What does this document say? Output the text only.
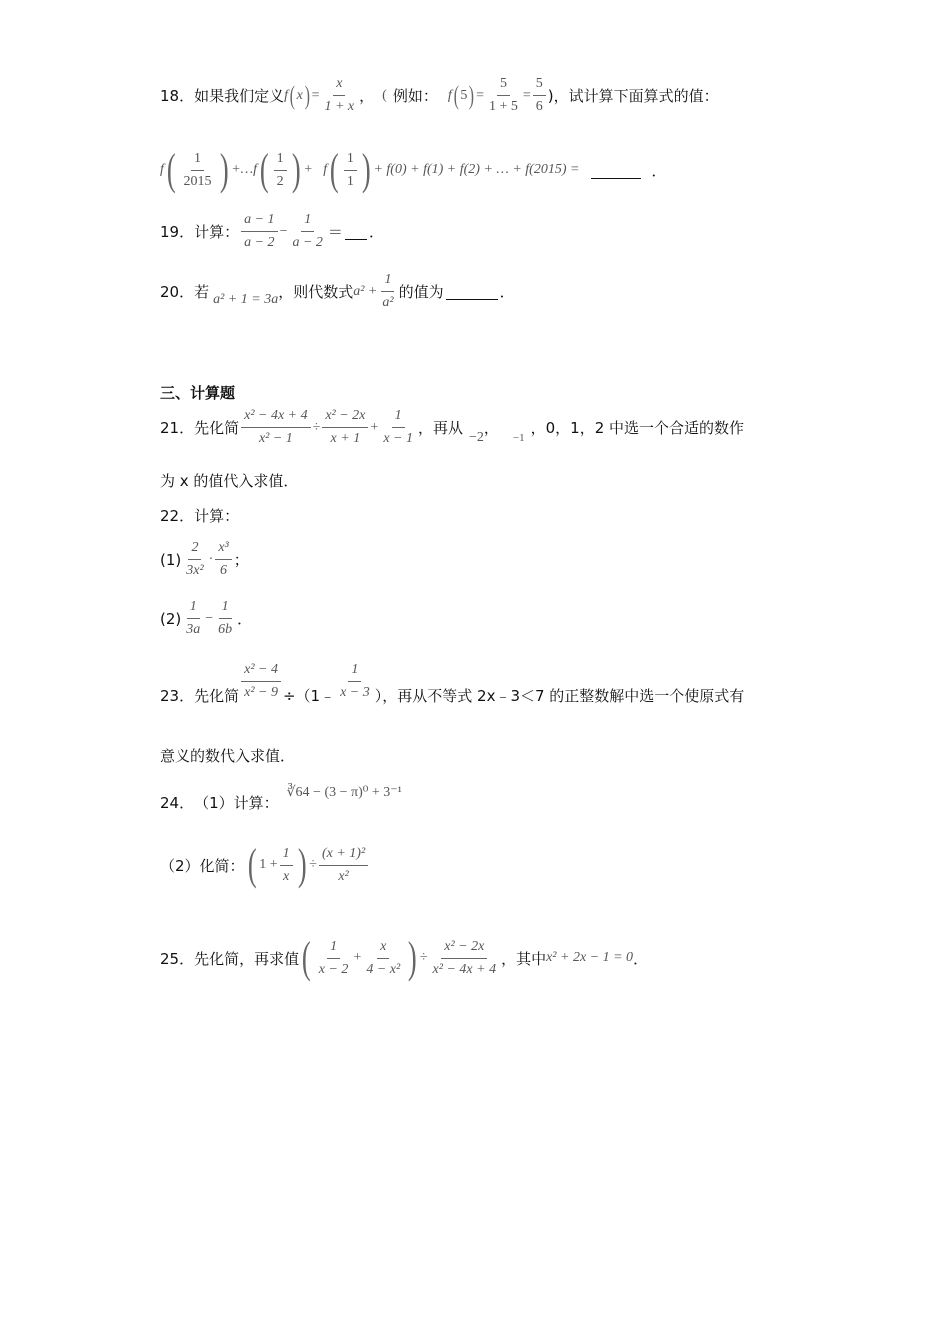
18． 如果我们定义 f ( x ) = $\frac{x}{1 + x}$ ， ( 例如： f ( 5 ) = $\frac{5}{1 + 5} = \frac{5}{6}$ )，试计算下面算式的值：
f ( $\frac{1}{2015}$ ) +…f ( $\frac{1}{2}$ ) +   f ( $\frac{1}{1}$ ) + f(0) + f(1) + f(2) + … + f(2015) =	．
19． 计算： $\frac{a - 1}{a - 2} - \frac{1}{a - 2}$ ＝ ．
20． 若 a² + 1 = 3a ，则代数式 $a^2 + \frac{1}{\text{a²}}$ 的值为	．
三、计算题
21． 先化简 $\frac{\text{x² − 4x + 4}}{\text{x² − 1}} \div \frac{\text{x² − 2x}}{x + 1} + \frac{1}{x - 1}$ ，再从 −2 ，
−1
，0，1，2 中选一个合适的数作
为 x 的值代入求值．
22． 计算：
$(1) \frac{2}{\text{3x²}} \cdot \frac{\text{x³}}{6}$ ；
$(2) \frac{1}{3a} - \frac{1}{6b}$ ．
23． 先化简 $\frac{\text{x² − 4}}{\text{x² − 9}}$ ÷（1﹣ $\frac{1}{x - 3}$ ），再从不等式 2x﹣3＜7 的正整数解中选一个使原式有
意义的数代入求值．
24． （1）计算：
∛64 − (3 − π)⁰ + 3⁻¹
（2）化简： ( $1 + \frac{1}{x}$ ) ÷ $\frac{\text{(x + 1)²}}{\text{x²}}$
25． 先化简，再求值 ( $\frac{1}{x - 2} + \frac{x}{\text{4 − x²}}$ ) ÷ $\frac{\text{x² − 2x}}{\text{x² − 4x + 4}}$ ，其中 x² + 2x − 1 = 0 ．
